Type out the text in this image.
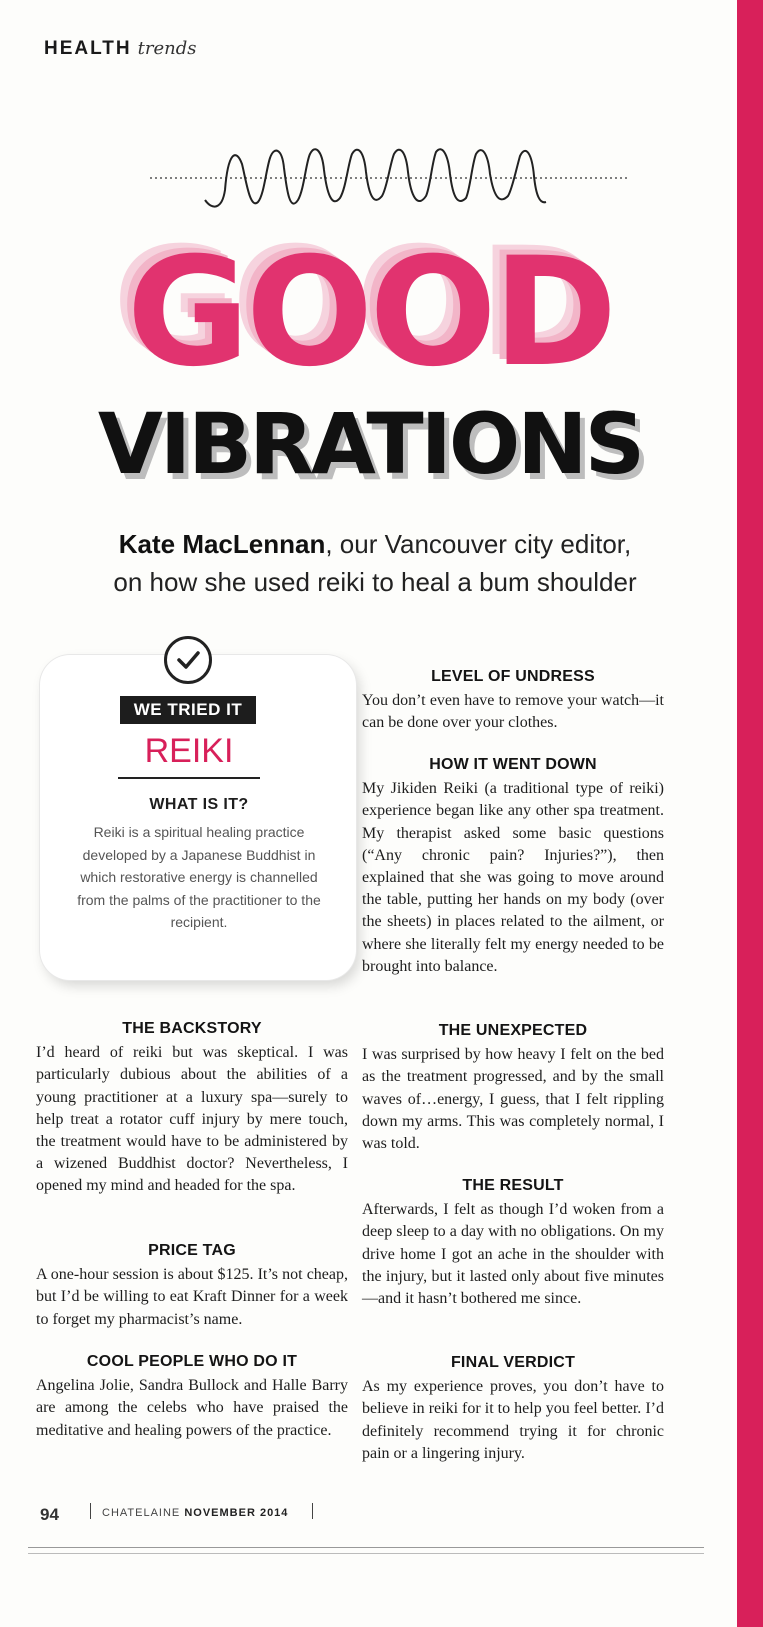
HEALTH trends
GOOD
VIBRATIONS
Kate MacLennan, our Vancouver city editor,
on how she used reiki to heal a bum shoulder
WE TRIED IT
REIKI
WHAT IS IT?
Reiki is a spiritual healing practice developed by a Japanese Buddhist in which restorative energy is channelled from the palms of the practitioner to the recipient.
THE BACKSTORY
I’d heard of reiki but was skeptical. I was particularly dubious about the abilities of a young practitioner at a luxury spa—surely to help treat a rotator cuff injury by mere touch, the treatment would have to be administered by a wizened Buddhist doctor? Nevertheless, I opened my mind and headed for the spa.
PRICE TAG
A one-hour session is about $125. It’s not cheap, but I’d be willing to eat Kraft Dinner for a week to forget my pharmacist’s name.
COOL PEOPLE WHO DO IT
Angelina Jolie, Sandra Bullock and Halle Barry are among the celebs who have praised the meditative and healing powers of the practice.
LEVEL OF UNDRESS
You don’t even have to remove your watch—it can be done over your clothes.
HOW IT WENT DOWN
My Jikiden Reiki (a traditional type of reiki) experience began like any other spa treatment. My therapist asked some basic questions (“Any chronic pain? Injuries?”), then explained that she was going to move around the table, putting her hands on my body (over the sheets) in places related to the ailment, or where she literally felt my energy needed to be brought into balance.
THE UNEXPECTED
I was surprised by how heavy I felt on the bed as the treatment progressed, and by the small waves of…energy, I guess, that I felt rippling down my arms. This was completely normal, I was told.
THE RESULT
Afterwards, I felt as though I’d woken from a deep sleep to a day with no obligations. On my drive home I got an ache in the shoulder with the injury, but it lasted only about five minutes—and it hasn’t bothered me since.
FINAL VERDICT
As my experience proves, you don’t have to believe in reiki for it to help you feel better. I’d definitely recommend trying it for chronic pain or a lingering injury.
94	CHATELAINE NOVEMBER 2014
